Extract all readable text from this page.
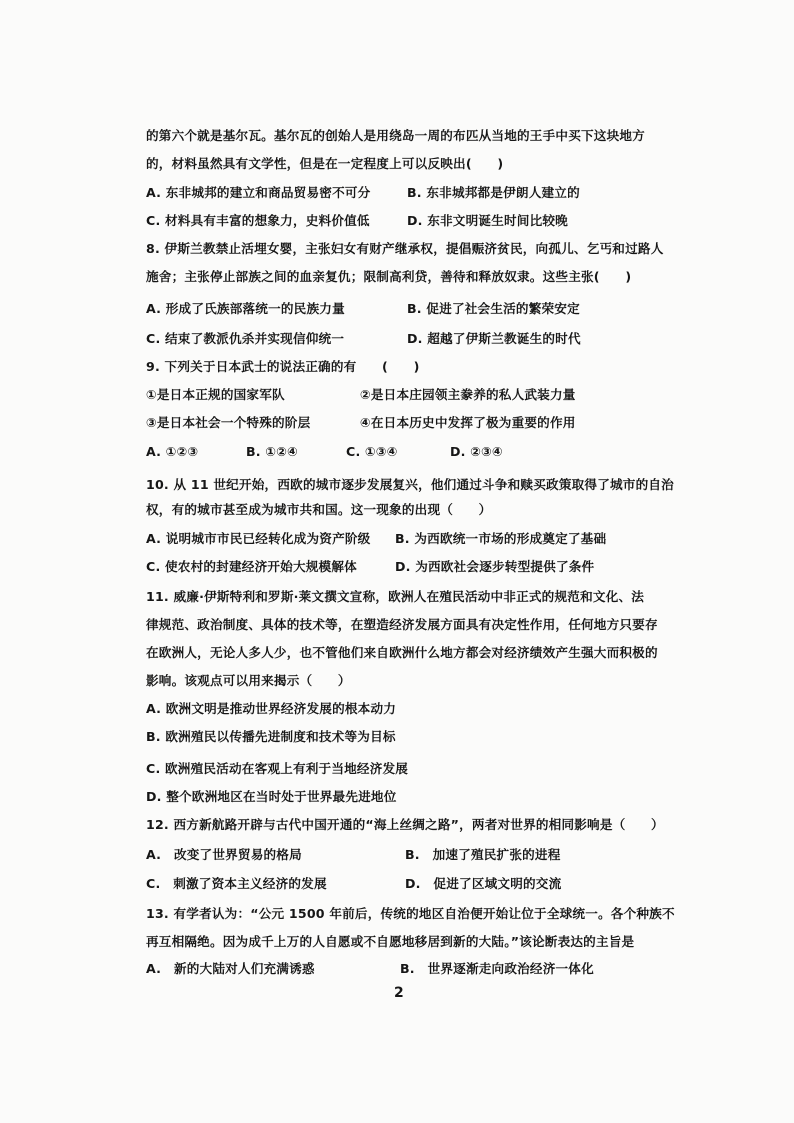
的第六个就是基尔瓦。基尔瓦的创始人是用绕岛一周的布匹从当地的王手中买下这块地方
的，材料虽然具有文学性，但是在一定程度上可以反映出(　　)
A. 东非城邦的建立和商品贸易密不可分	B. 东非城邦都是伊朗人建立的
C. 材料具有丰富的想象力，史料价值低	D. 东非文明诞生时间比较晚
8. 伊斯兰教禁止活埋女婴，主张妇女有财产继承权，提倡赈济贫民，向孤儿、乞丐和过路人
施舍；主张停止部族之间的血亲复仇；限制高利贷，善待和释放奴隶。这些主张(　　)
A. 形成了氏族部落统一的民族力量	B. 促进了社会生活的繁荣安定
C. 结束了教派仇杀并实现信仰统一	D. 超越了伊斯兰教诞生的时代
9. 下列关于日本武士的说法正确的有　　(　　)
①是日本正规的国家军队	②是日本庄园领主豢养的私人武装力量
③是日本社会一个特殊的阶层	④在日本历史中发挥了极为重要的作用
A. ①②③	B. ①②④	C. ①③④	D. ②③④
10. 从 11 世纪开始，西欧的城市逐步发展复兴，他们通过斗争和赎买政策取得了城市的自治
权，有的城市甚至成为城市共和国。这一现象的出现（　　）
A. 说明城市市民已经转化成为资产阶级 B. 为西欧统一市场的形成奠定了基础
C. 使农村的封建经济开始大规模解体	D. 为西欧社会逐步转型提供了条件
11. 威廉·伊斯特利和罗斯·莱文撰文宣称，欧洲人在殖民活动中非正式的规范和文化、法
律规范、政治制度、具体的技术等，在塑造经济发展方面具有决定性作用，任何地方只要存
在欧洲人，无论人多人少，也不管他们来自欧洲什么地方都会对经济绩效产生强大而积极的
影响。该观点可以用来揭示（　　）
A. 欧洲文明是推动世界经济发展的根本动力
B. 欧洲殖民以传播先进制度和技术等为目标
C. 欧洲殖民活动在客观上有利于当地经济发展
D. 整个欧洲地区在当时处于世界最先进地位
12. 西方新航路开辟与古代中国开通的“海上丝绸之路”，两者对世界的相同影响是（　　）
A.　改变了世界贸易的格局	B.　加速了殖民扩张的进程
C.　刺激了资本主义经济的发展	D.　促进了区域文明的交流
13. 有学者认为：“公元 1500 年前后，传统的地区自治便开始让位于全球统一。各个种族不
再互相隔绝。因为成千上万的人自愿或不自愿地移居到新的大陆。”该论断表达的主旨是
A.　新的大陆对人们充满诱惑	B.　世界逐渐走向政治经济一体化
2
